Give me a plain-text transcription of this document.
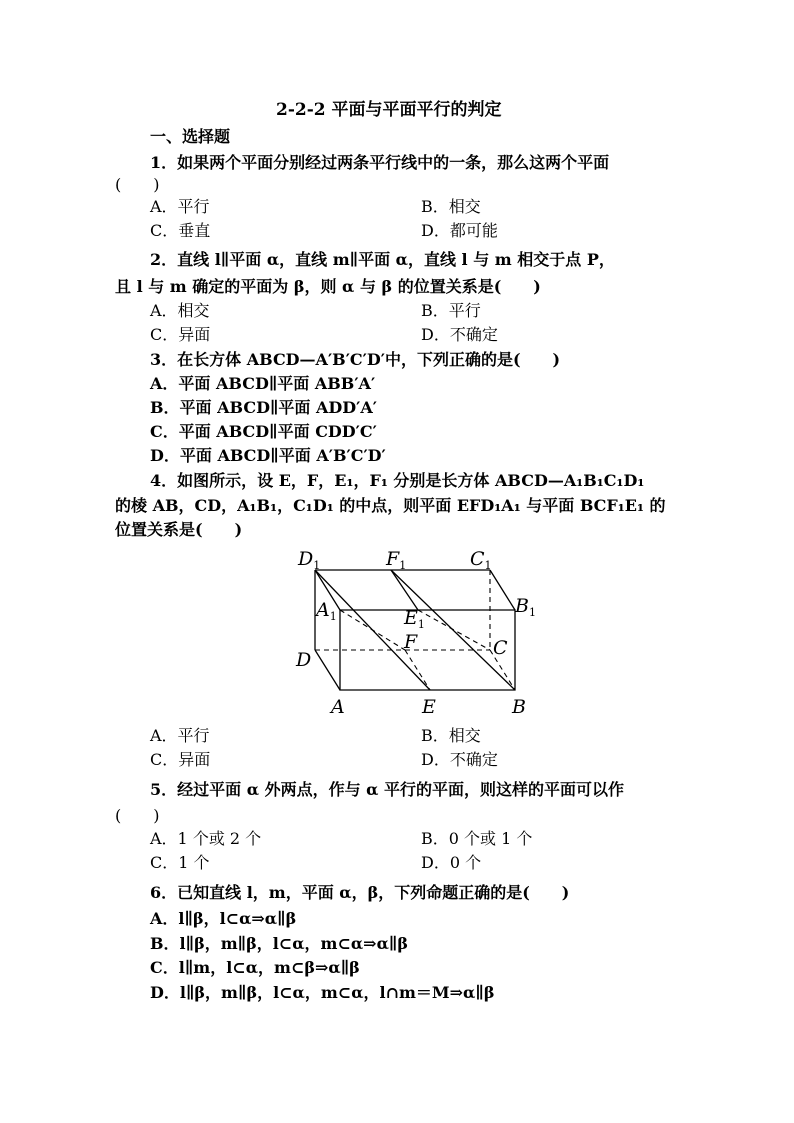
2-2-2 平面与平面平行的判定
一、选择题
1．如果两个平面分别经过两条平行线中的一条，那么这两个平面
(　　)
A．平行	B．相交
C．垂直	D．都可能
2．直线 l∥平面 α，直线 m∥平面 α，直线 l 与 m 相交于点 P，
且 l 与 m 确定的平面为 β，则 α 与 β 的位置关系是(　　)
A．相交	B．平行
C．异面	D．不确定
3．在长方体 ABCD—A′B′C′D′中，下列正确的是(　　)
A．平面 ABCD∥平面 ABB′A′
B．平面 ABCD∥平面 ADD′A′
C．平面 ABCD∥平面 CDD′C′
D．平面 ABCD∥平面 A′B′C′D′
4．如图所示，设 E，F，E₁，F₁ 分别是长方体 ABCD—A₁B₁C₁D₁
的棱 AB，CD，A₁B₁，C₁D₁ 的中点，则平面 EFD₁A₁ 与平面 BCF₁E₁ 的
位置关系是(　　)
$D_1$	$F_1$	$C_1$
$B_1$
$A_1$	$E_1$
F	C
D
A	E	B
A．平行	B．相交
C．异面	D．不确定
5．经过平面 α 外两点，作与 α 平行的平面，则这样的平面可以作
(　　)
A．1 个或 2 个	B．0 个或 1 个
C．1 个	D．0 个
6．已知直线 l，m，平面 α，β，下列命题正确的是(　　)
A．l∥β，l⊂α⇒α∥β
B．l∥β，m∥β，l⊂α，m⊂α⇒α∥β
C．l∥m，l⊂α，m⊂β⇒α∥β
D．l∥β，m∥β，l⊂α，m⊂α，l∩m＝M⇒α∥β
